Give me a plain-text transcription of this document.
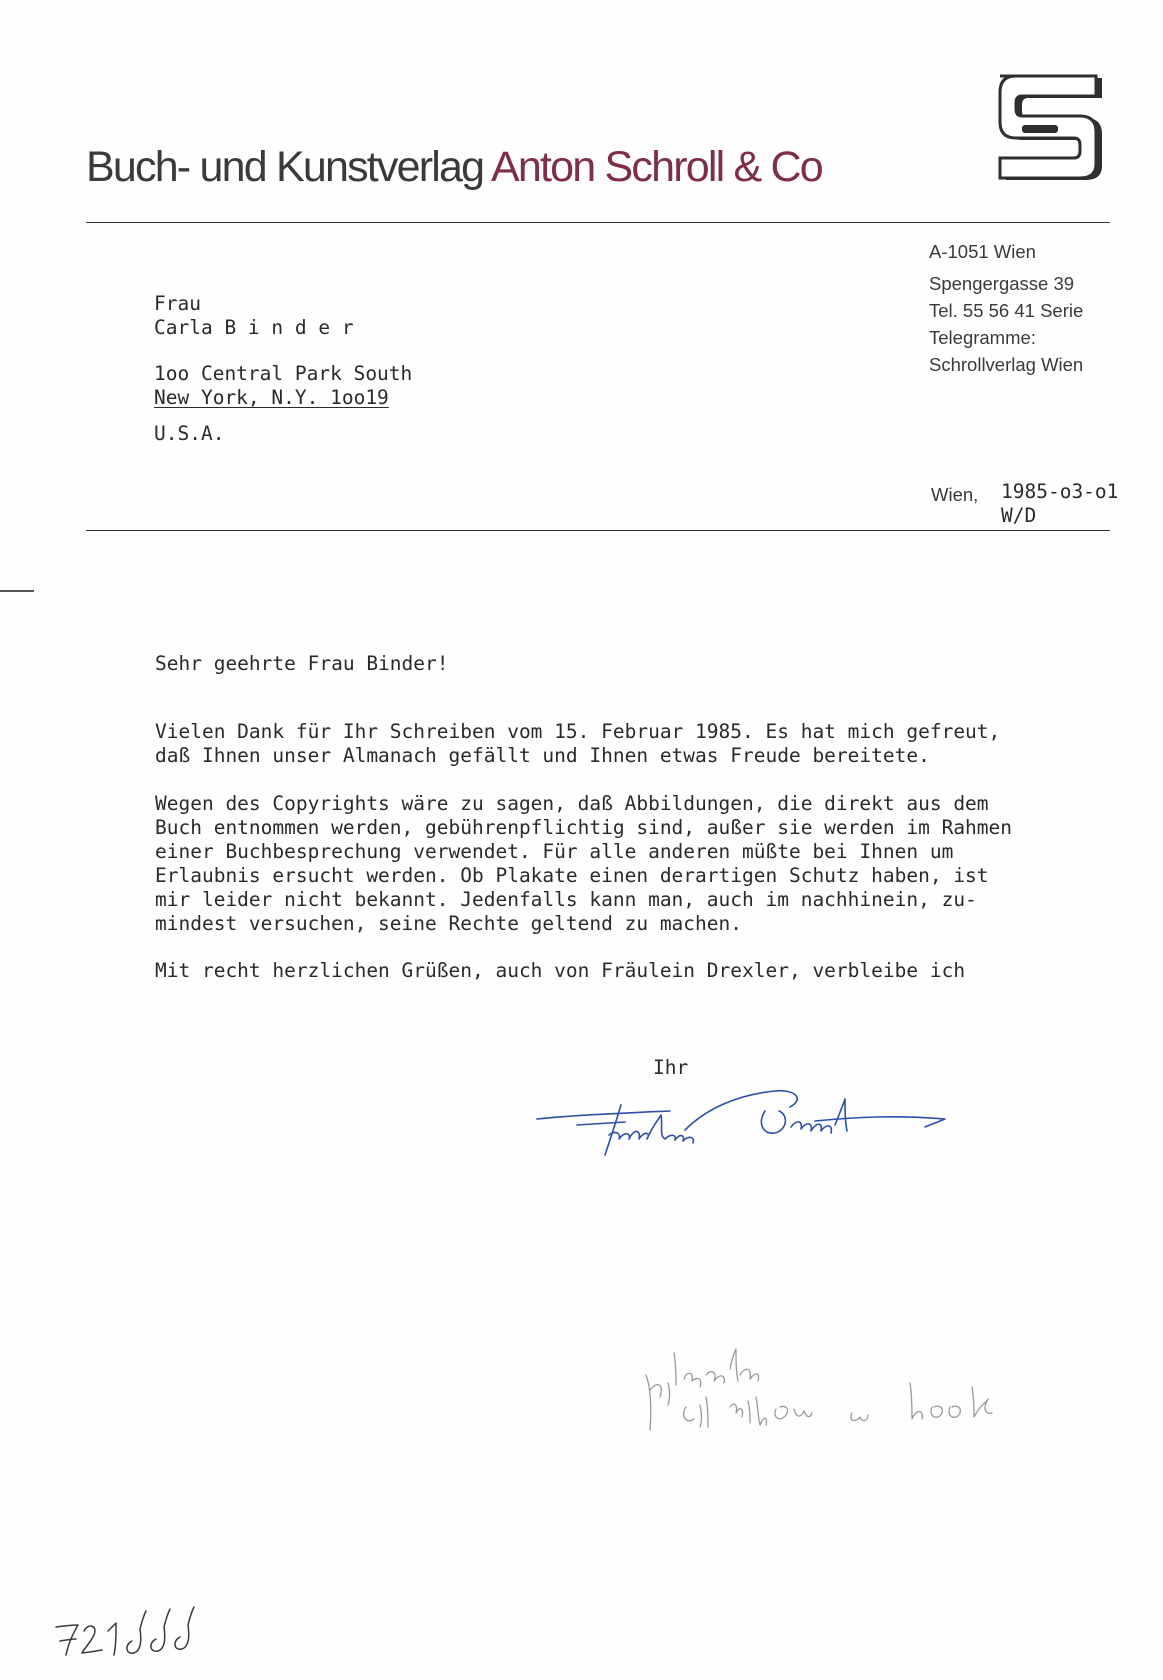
Buch- und Kunstverlag Anton Schroll & Co
A-1051 Wien
Spengergasse 39
Tel. 55 56 41 Serie
Telegramme:
Schrollverlag Wien
Frau
Carla B i n d e r
1oo Central Park South
New York, N.Y. 1oo19
U.S.A.
Wien, 1985-o3-o1
W/D
Sehr geehrte Frau Binder!
Vielen Dank für Ihr Schreiben vom 15. Februar 1985. Es hat mich gefreut,
daß Ihnen unser Almanach gefällt und Ihnen etwas Freude bereitete.
Wegen des Copyrights wäre zu sagen, daß Abbildungen, die direkt aus dem
Buch entnommen werden, gebührenpflichtig sind, außer sie werden im Rahmen
einer Buchbesprechung verwendet. Für alle anderen müßte bei Ihnen um
Erlaubnis ersucht werden. Ob Plakate einen derartigen Schutz haben, ist
mir leider nicht bekannt. Jedenfalls kann man, auch im nachhinein, zu-
mindest versuchen, seine Rechte geltend zu machen.
Mit recht herzlichen Grüßen, auch von Fräulein Drexler, verbleibe ich
Ihr
